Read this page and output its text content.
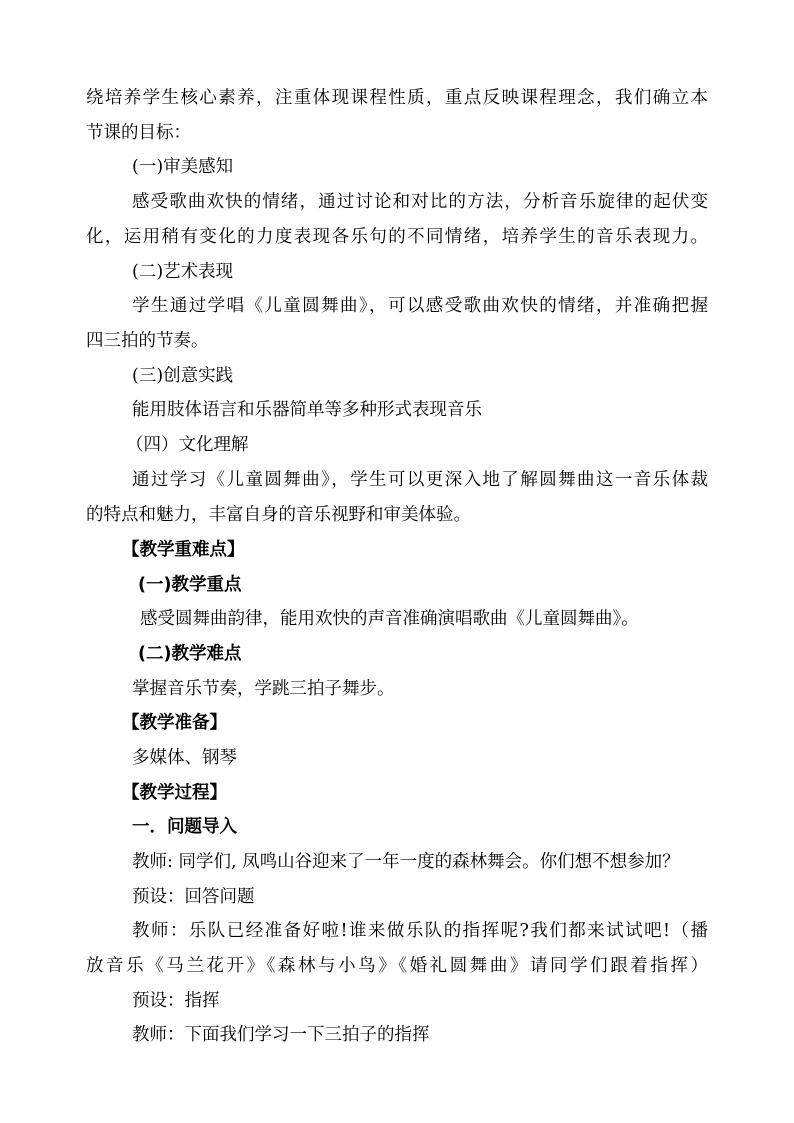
绕培养学生核心素养，注重体现课程性质，重点反映课程理念，我们确立本
节课的目标：
(一)审美感知
感受歌曲欢快的情绪，通过讨论和对比的方法，分析音乐旋律的起伏变
化，运用稍有变化的力度表现各乐句的不同情绪，培养学生的音乐表现力。
(二)艺术表现
学生通过学唱《儿童圆舞曲》，可以感受歌曲欢快的情绪，并准确把握
四三拍的节奏。
(三)创意实践
能用肢体语言和乐器简单等多种形式表现音乐
（四）文化理解
通过学习《儿童圆舞曲》，学生可以更深入地了解圆舞曲这一音乐体裁
的特点和魅力，丰富自身的音乐视野和审美体验。
【教学重难点】
(一)教学重点
感受圆舞曲韵律，能用欢快的声音准确演唱歌曲《儿童圆舞曲》。
(二)教学难点
掌握音乐节奏，学跳三拍子舞步。
【教学准备】
多媒体、钢琴
【教学过程】
一．问题导入
教师: 同学们, 凤鸣山谷迎来了一年一度的森林舞会。你们想不想参加？
预设：回答问题
教师：乐队已经准备好啦!谁来做乐队的指挥呢?我们都来试试吧!（播
放音乐《马兰花开》《森林与小鸟》《婚礼圆舞曲》请同学们跟着指挥）
预设：指挥
教师：下面我们学习一下三拍子的指挥
